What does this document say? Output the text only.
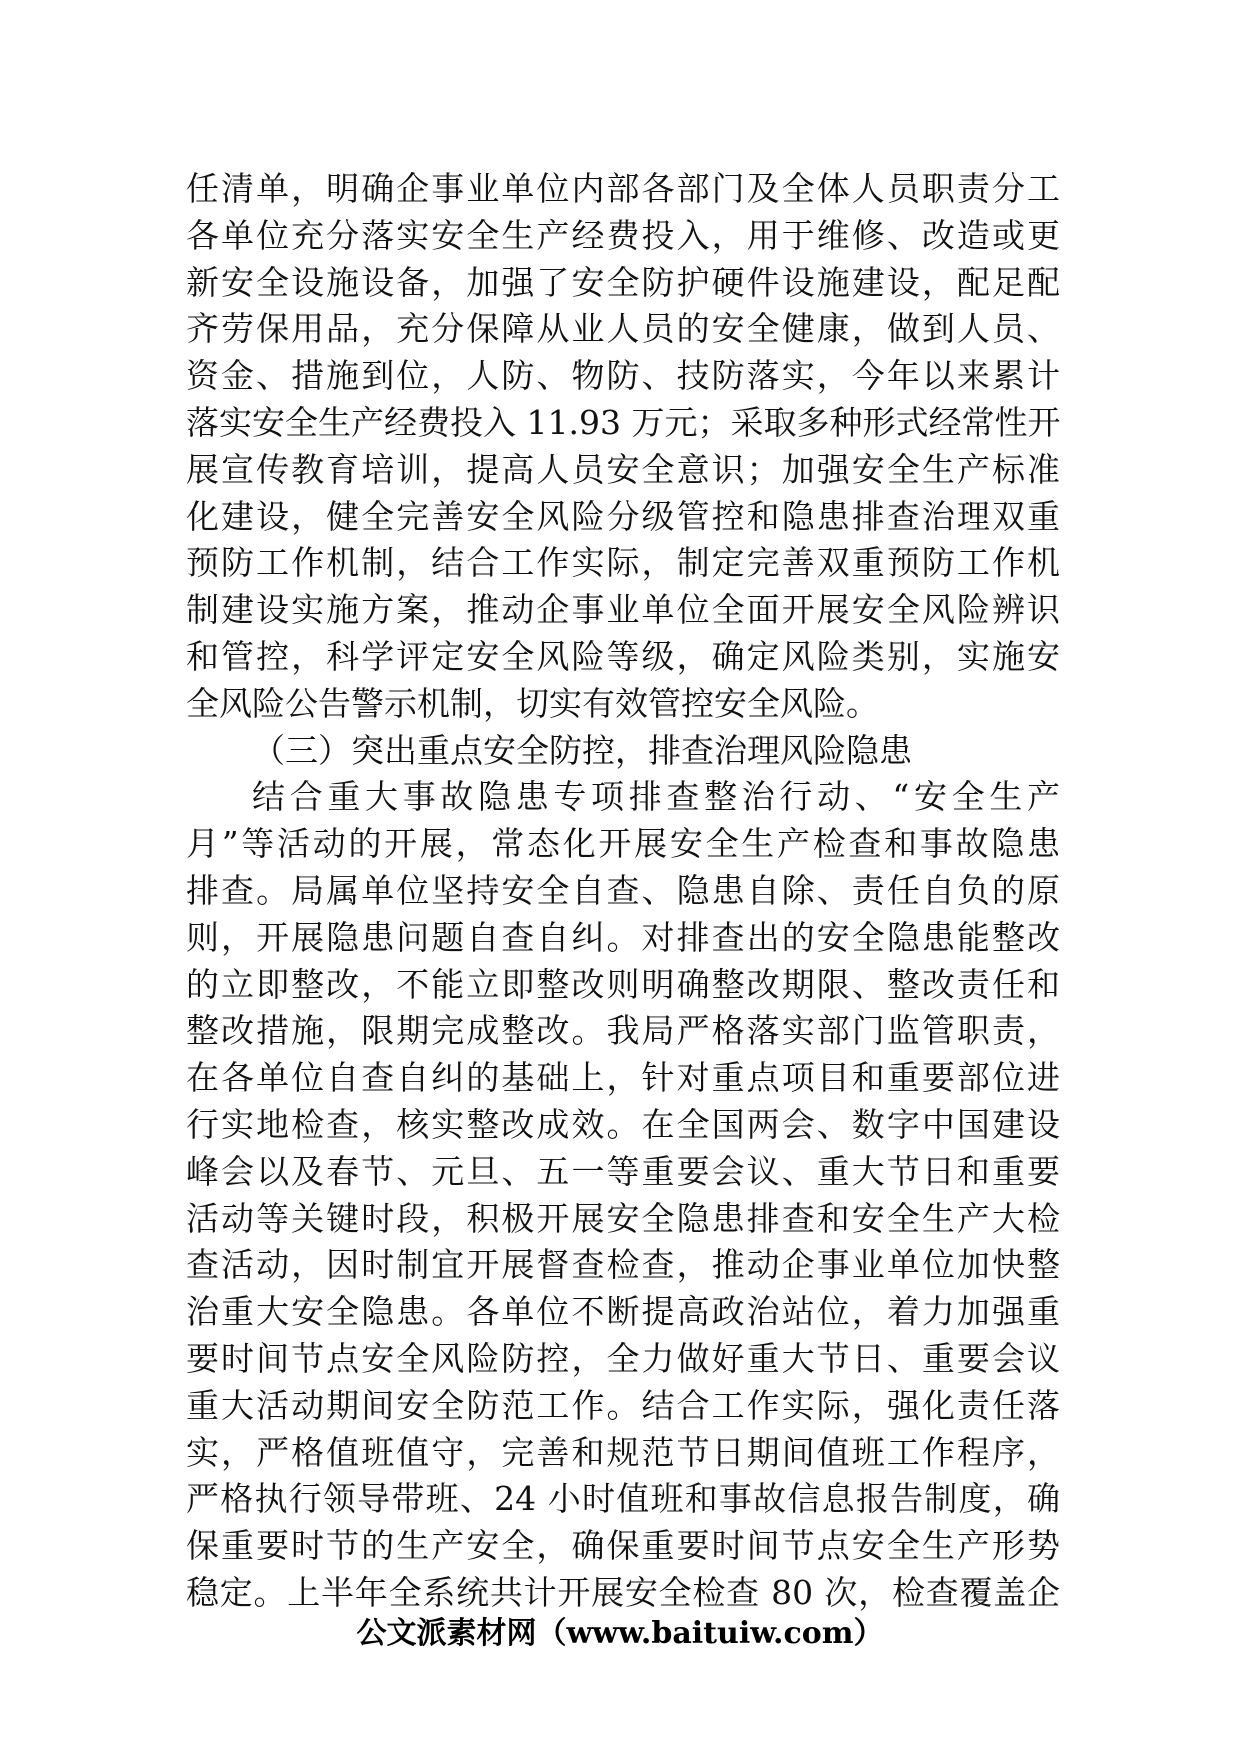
任清单，明确企事业单位内部各部门及全体人员职责分工
各单位充分落实安全生产经费投入，用于维修、改造或更
新安全设施设备，加强了安全防护硬件设施建设，配足配
齐劳保用品，充分保障从业人员的安全健康，做到人员、
资金、措施到位，人防、物防、技防落实，今年以来累计
落实安全生产经费投入 11.93 万元；采取多种形式经常性开
展宣传教育培训，提高人员安全意识；加强安全生产标准
化建设，健全完善安全风险分级管控和隐患排查治理双重
预防工作机制，结合工作实际，制定完善双重预防工作机
制建设实施方案，推动企事业单位全面开展安全风险辨识
和管控，科学评定安全风险等级，确定风险类别，实施安
全风险公告警示机制，切实有效管控安全风险。
（三）突出重点安全防控，排查治理风险隐患
结合重大事故隐患专项排查整治行动、“安全生产
月”等活动的开展，常态化开展安全生产检查和事故隐患
排查。局属单位坚持安全自查、隐患自除、责任自负的原
则，开展隐患问题自查自纠。对排查出的安全隐患能整改
的立即整改，不能立即整改则明确整改期限、整改责任和
整改措施，限期完成整改。我局严格落实部门监管职责，
在各单位自查自纠的基础上，针对重点项目和重要部位进
行实地检查，核实整改成效。在全国两会、数字中国建设
峰会以及春节、元旦、五一等重要会议、重大节日和重要
活动等关键时段，积极开展安全隐患排查和安全生产大检
查活动，因时制宜开展督查检查，推动企事业单位加快整
治重大安全隐患。各单位不断提高政治站位，着力加强重
要时间节点安全风险防控，全力做好重大节日、重要会议
重大活动期间安全防范工作。结合工作实际，强化责任落
实，严格值班值守，完善和规范节日期间值班工作程序，
严格执行领导带班、24 小时值班和事故信息报告制度，确
保重要时节的生产安全，确保重要时间节点安全生产形势
稳定。上半年全系统共计开展安全检查 80 次，检查覆盖企
公文派素材网（www.baituiw.com）
